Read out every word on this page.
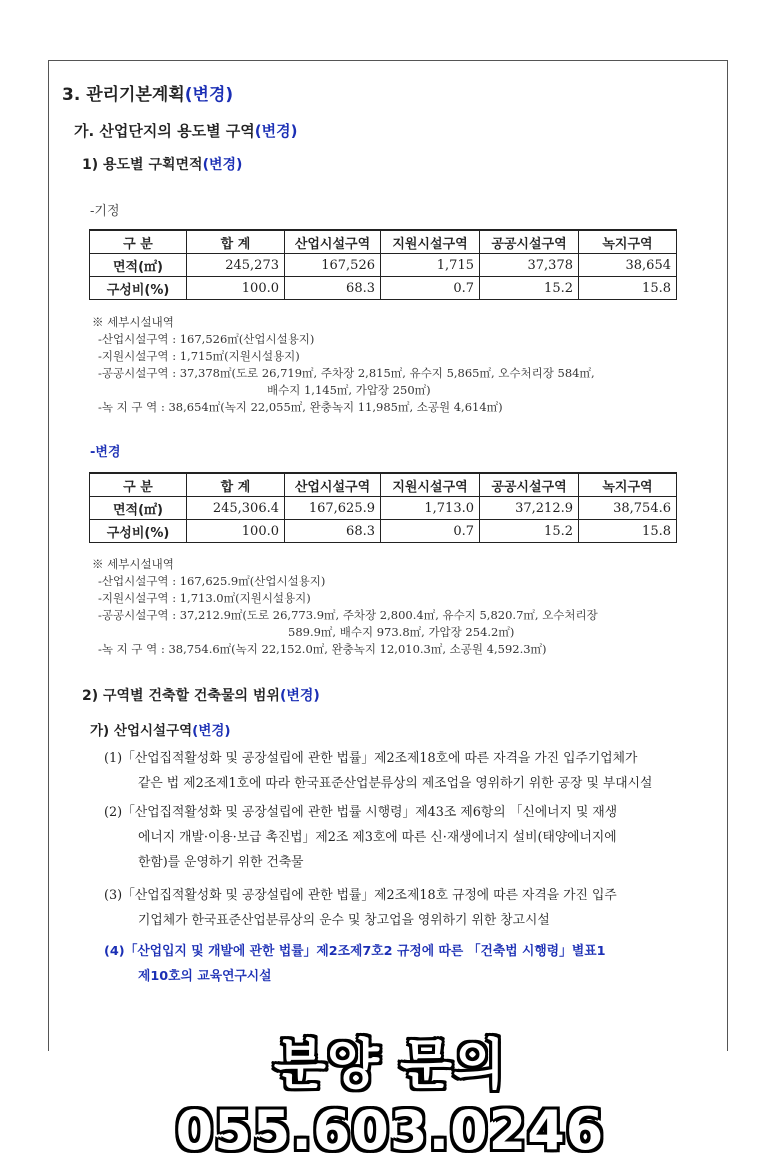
3. 관리기본계획(변경)
가. 산업단지의 용도별 구역(변경)
1) 용도별 구획면적(변경)
-기정
구 분	합 계	산업시설구역	지원시설구역	공공시설구역	녹지구역
면적(㎡)	245,273	167,526	1,715	37,378	38,654
구성비(%)	100.0	68.3	0.7	15.2	15.8
※ 세부시설내역
-산업시설구역 : 167,526㎡(산업시설용지)
-지원시설구역 : 1,715㎡(지원시설용지)
-공공시설구역 : 37,378㎡(도로 26,719㎡, 주차장 2,815㎡, 유수지 5,865㎡, 오수처리장 584㎡,
배수지 1,145㎡, 가압장 250㎡)
-녹 지 구 역 : 38,654㎡(녹지 22,055㎡, 완충녹지 11,985㎡, 소공원 4,614㎡)
-변경
구 분	합 계	산업시설구역	지원시설구역	공공시설구역	녹지구역
면적(㎡)	245,306.4	167,625.9	1,713.0	37,212.9	38,754.6
구성비(%)	100.0	68.3	0.7	15.2	15.8
※ 세부시설내역
-산업시설구역 : 167,625.9㎡(산업시설용지)
-지원시설구역 : 1,713.0㎡(지원시설용지)
-공공시설구역 : 37,212.9㎡(도로 26,773.9㎡, 주차장 2,800.4㎡, 유수지 5,820.7㎡, 오수처리장
589.9㎡, 배수지 973.8㎡, 가압장 254.2㎡)
-녹 지 구 역 : 38,754.6㎡(녹지 22,152.0㎡, 완충녹지 12,010.3㎡, 소공원 4,592.3㎡)
2) 구역별 건축할 건축물의 범위(변경)
가) 산업시설구역(변경)
(1)「산업집적활성화 및 공장설립에 관한 법률」제2조제18호에 따른 자격을 가진 입주기업체가
같은 법 제2조제1호에 따라 한국표준산업분류상의 제조업을 영위하기 위한 공장 및 부대시설
(2)「산업집적활성화 및 공장설립에 관한 법률 시행령」제43조 제6항의 「신에너지 및 재생
에너지 개발·이용·보급 촉진법」제2조 제3호에 따른 신·재생에너지 설비(태양에너지에
한함)를 운영하기 위한 건축물
(3)「산업집적활성화 및 공장설립에 관한 법률」제2조제18호 규정에 따른 자격을 가진 입주
기업체가 한국표준산업분류상의 운수 및 창고업을 영위하기 위한 창고시설
(4)「산업입지 및 개발에 관한 법률」제2조제7호2 규정에 따른 「건축법 시행령」별표1
제10호의 교육연구시설
분양 문의 055.603.0246
